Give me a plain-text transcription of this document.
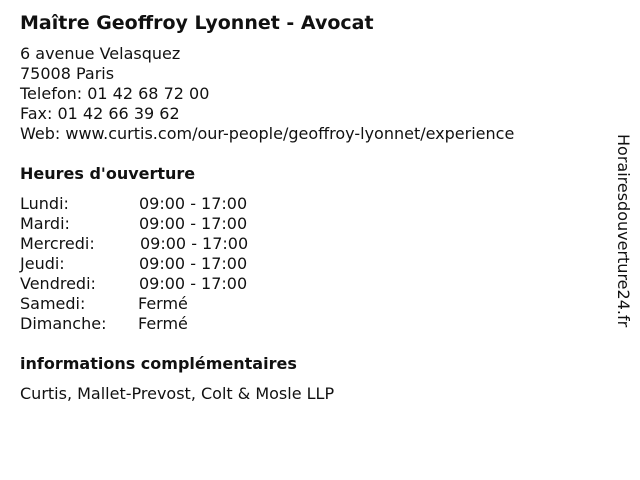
Maître Geoffroy Lyonnet - Avocat
6 avenue Velasquez
75008 Paris
Telefon: 01 42 68 72 00
Fax: 01 42 66 39 62
Web: www.curtis.com/our-people/geoffroy-lyonnet/experience
Heures d'ouverture
Lundi:	09:00 - 17:00
Mardi:	09:00 - 17:00
Mercredi:	09:00 - 17:00
Jeudi:	09:00 - 17:00
Vendredi:	09:00 - 17:00
Samedi:	Fermé
Dimanche: Fermé
informations complémentaires
Curtis, Mallet-Prevost, Colt & Mosle LLP
Horairesdouverture24.fr
